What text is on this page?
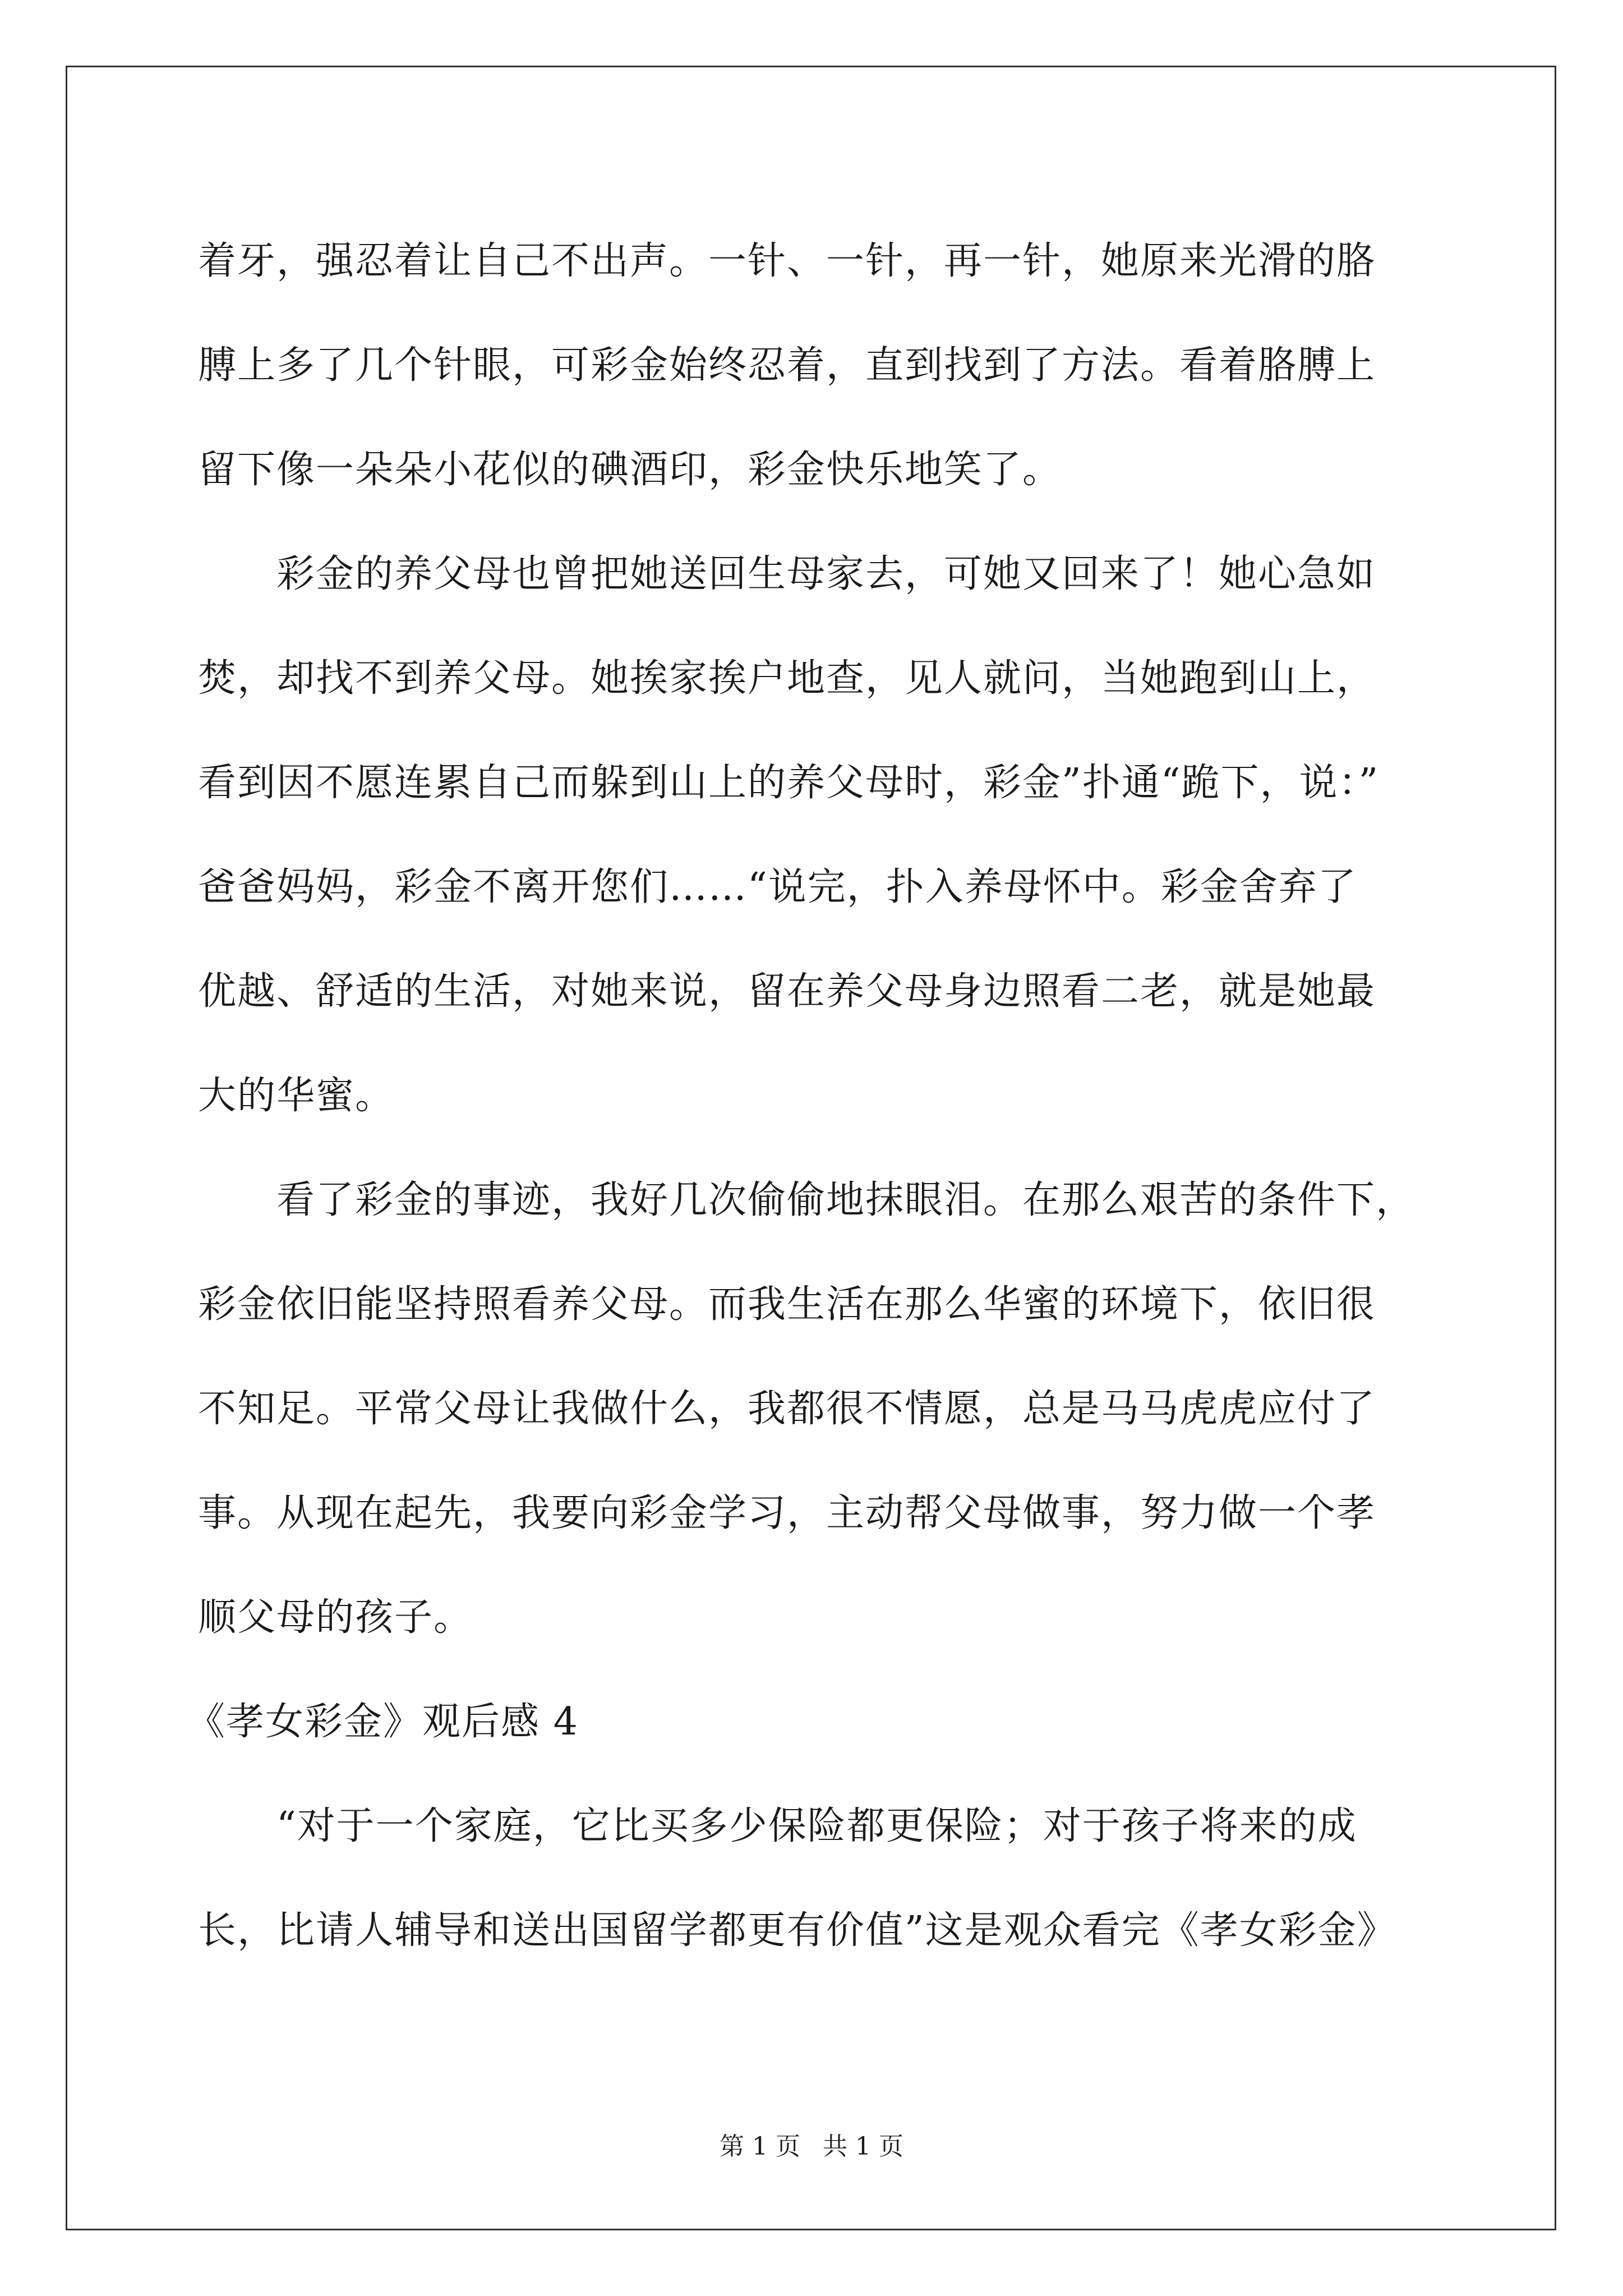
着牙，强忍着让自己不出声。一针、一针，再一针，她原来光滑的胳
膊上多了几个针眼，可彩金始终忍着，直到找到了方法。看着胳膊上
留下像一朵朵小花似的碘酒印，彩金快乐地笑了。
　　彩金的养父母也曾把她送回生母家去，可她又回来了！她心急如
焚，却找不到养父母。她挨家挨户地查，见人就问，当她跑到山上，
看到因不愿连累自己而躲到山上的养父母时，彩金”扑通“跪下，说：”
爸爸妈妈，彩金不离开您们……“说完，扑入养母怀中。彩金舍弃了
优越、舒适的生活，对她来说，留在养父母身边照看二老，就是她最
大的华蜜。
　　看了彩金的事迹，我好几次偷偷地抹眼泪。在那么艰苦的条件下，
彩金依旧能坚持照看养父母。而我生活在那么华蜜的环境下，依旧很
不知足。平常父母让我做什么，我都很不情愿，总是马马虎虎应付了
事。从现在起先，我要向彩金学习，主动帮父母做事，努力做一个孝
顺父母的孩子。
《孝女彩金》观后感 4
　　“对于一个家庭，它比买多少保险都更保险；对于孩子将来的成
长，比请人辅导和送出国留学都更有价值”这是观众看完《孝女彩金》
第 1 页 共 1 页
